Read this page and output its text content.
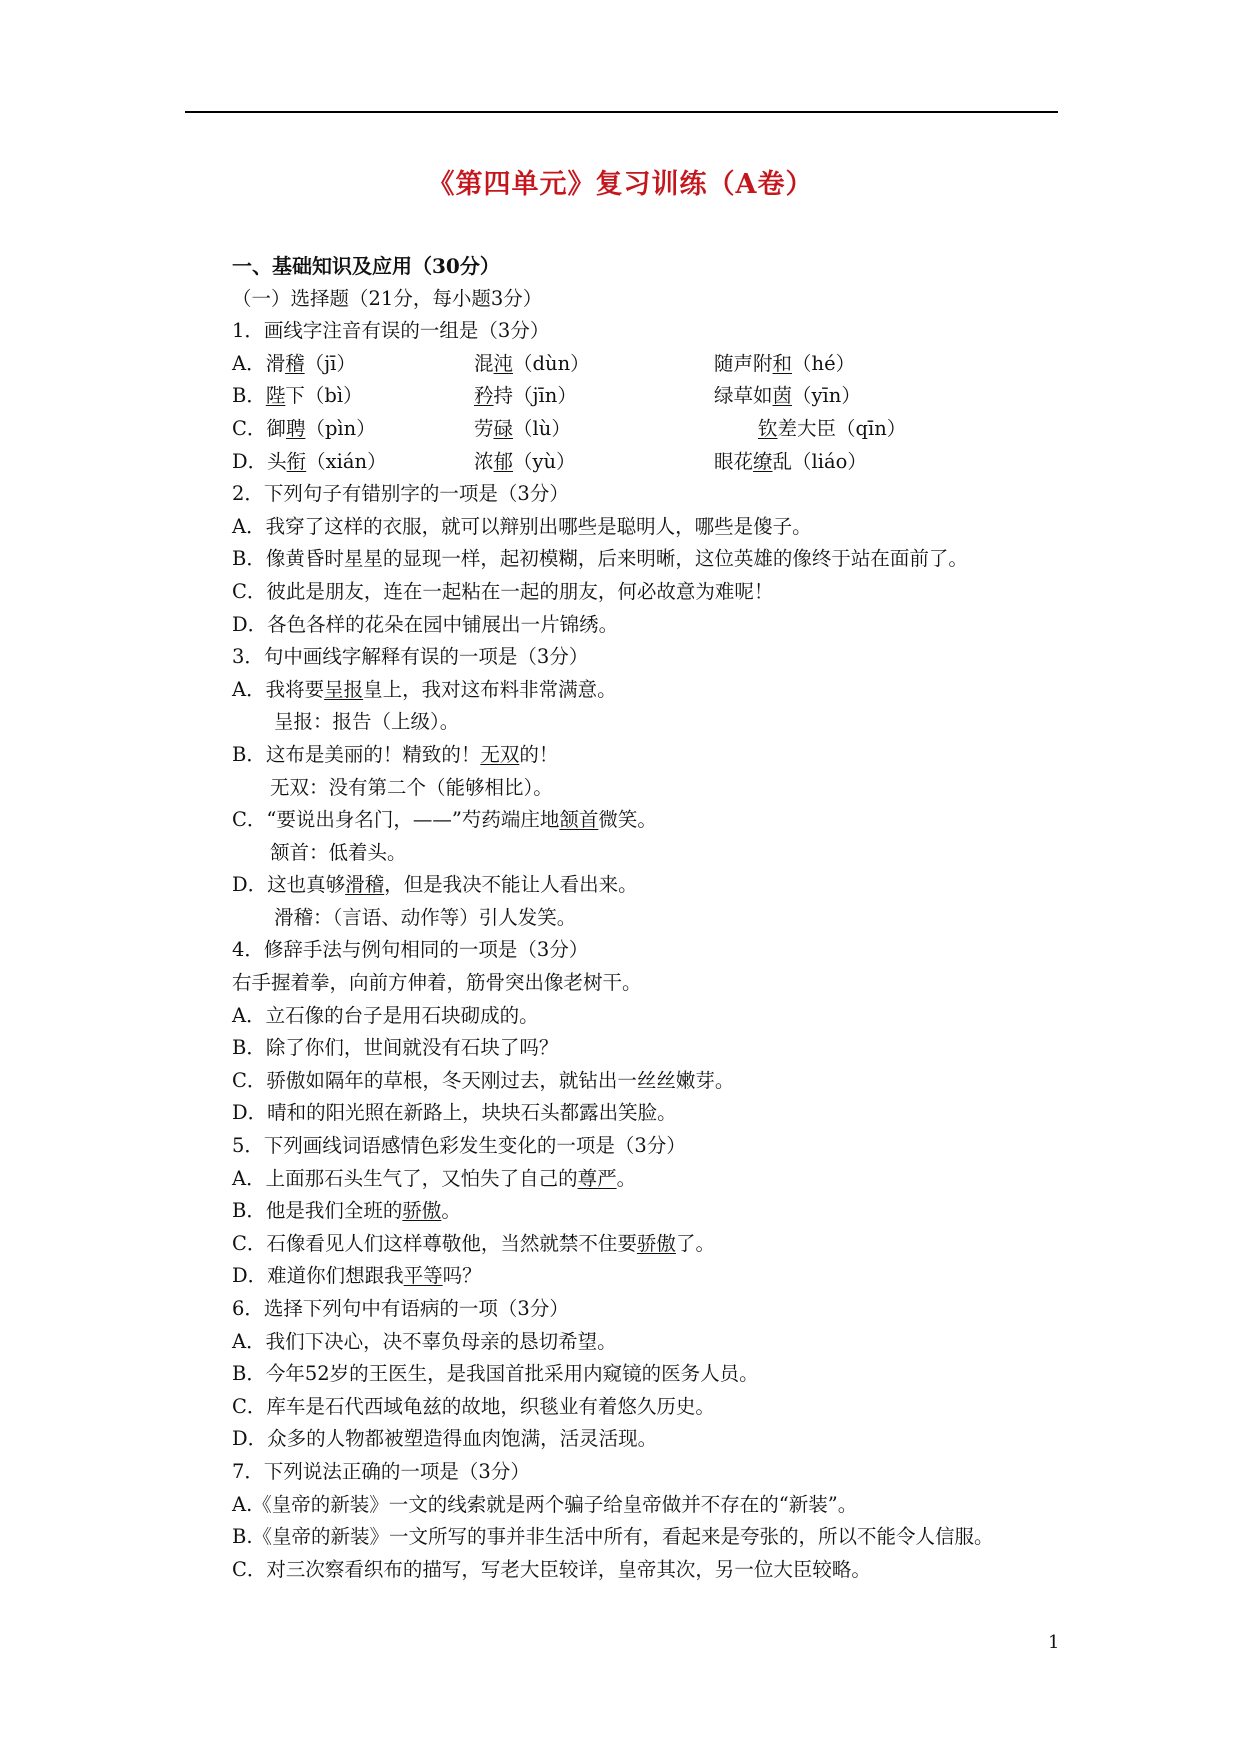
《第四单元》复习训练（A卷）
一、基础知识及应用（30分）
（一）选择题（21分，每小题3分）
1．画线字注音有误的一组是（3分）
A．滑稽（jī）	混沌（dùn）	随声附和（hé）
B．陛下（bì）	矜持（jīn）	绿草如茵（yīn）
C．御聘（pìn）	劳碌（lù）	钦差大臣（qīn）
D．头衔（xián）	浓郁（yù）	眼花缭乱（liáo）
2．下列句子有错别字的一项是（3分）
A．我穿了这样的衣服，就可以辩别出哪些是聪明人，哪些是傻子。
B．像黄昏时星星的显现一样，起初模糊，后来明晰，这位英雄的像终于站在面前了。
C．彼此是朋友，连在一起粘在一起的朋友，何必故意为难呢！
D．各色各样的花朵在园中铺展出一片锦绣。
3．句中画线字解释有误的一项是（3分）
A．我将要呈报皇上，我对这布料非常满意。
呈报：报告（上级）。
B．这布是美丽的！精致的！无双的！
无双：没有第二个（能够相比）。
C．“要说出身名门，——”芍药端庄地颔首微笑。
颔首：低着头。
D．这也真够滑稽，但是我决不能让人看出来。
滑稽：（言语、动作等）引人发笑。
4．修辞手法与例句相同的一项是（3分）
右手握着拳，向前方伸着，筋骨突出像老树干。
A．立石像的台子是用石块砌成的。
B．除了你们，世间就没有石块了吗？
C．骄傲如隔年的草根，冬天刚过去，就钻出一丝丝嫩芽。
D．晴和的阳光照在新路上，块块石头都露出笑脸。
5．下列画线词语感情色彩发生变化的一项是（3分）
A．上面那石头生气了，又怕失了自己的尊严。
B．他是我们全班的骄傲。
C．石像看见人们这样尊敬他，当然就禁不住要骄傲了。
D．难道你们想跟我平等吗？
6．选择下列句中有语病的一项（3分）
A．我们下决心，决不辜负母亲的恳切希望。
B．今年52岁的王医生，是我国首批采用内窥镜的医务人员。
C．库车是石代西域龟兹的故地，织毯业有着悠久历史。
D．众多的人物都被塑造得血肉饱满，活灵活现。
7．下列说法正确的一项是（3分）
A.《皇帝的新装》一文的线索就是两个骗子给皇帝做并不存在的“新装”。
B.《皇帝的新装》一文所写的事并非生活中所有，看起来是夸张的，所以不能令人信服。
C．对三次察看织布的描写，写老大臣较详，皇帝其次，另一位大臣较略。
1
